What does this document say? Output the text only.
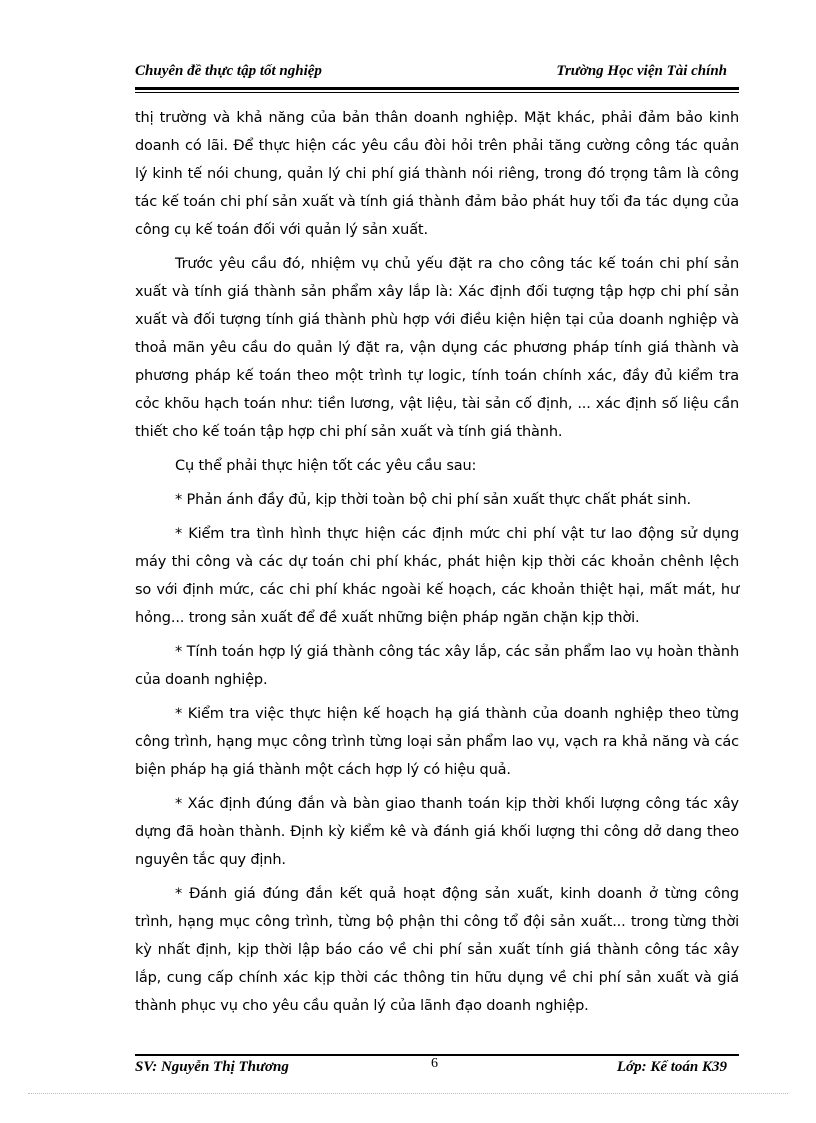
Chuyên đề thực tập tốt nghiệp	Trường Học viện Tài chính

thị trường và khả năng của bản thân doanh nghiệp. Mặt khác, phải đảm bảo kinh doanh có lãi. Để thực hiện các yêu cầu đòi hỏi trên phải tăng cường công tác quản lý kinh tế nói chung, quản lý chi phí giá thành nói riêng, trong đó trọng tâm là công tác kế toán chi phí sản xuất và tính giá thành đảm bảo phát huy tối đa tác dụng của công cụ kế toán đối với quản lý sản xuất.

Trước yêu cầu đó, nhiệm vụ chủ yếu đặt ra cho công tác kế toán chi phí sản xuất và tính giá thành sản phẩm xây lắp là: Xác định đối tượng tập hợp chi phí sản xuất và đối tượng tính giá thành phù hợp với điều kiện hiện tại của doanh nghiệp và thoả mãn yêu cầu do quản lý đặt ra, vận dụng các phương pháp tính giá thành và phương pháp kế toán theo một trình tự logic, tính toán chính xác, đầy đủ kiểm tra cỏc khõu hạch toán như: tiền lương, vật liệu, tài sản cố định, ... xác định số liệu cần thiết cho kế toán tập hợp chi phí sản xuất và tính giá thành.

Cụ thể phải thực hiện tốt các yêu cầu sau:

* Phản ánh đầy đủ, kịp thời toàn bộ chi phí sản xuất thực chất phát sinh.

* Kiểm tra tình hình thực hiện các định mức chi phí vật tư lao động sử dụng máy thi công và các dự toán chi phí khác, phát hiện kịp thời các khoản chênh lệch so với định mức, các chi phí khác ngoài kế hoạch, các khoản thiệt hại, mất mát, hư hỏng... trong sản xuất để đề xuất những biện pháp ngăn chặn kịp thời.

* Tính toán hợp lý giá thành công tác xây lắp, các sản phẩm lao vụ hoàn thành của doanh nghiệp.

* Kiểm tra việc thực hiện kế hoạch hạ giá thành của doanh nghiệp theo từng công trình, hạng mục công trình từng loại sản phẩm lao vụ, vạch ra khả năng và các biện pháp hạ giá thành một cách hợp lý có hiệu quả.

* Xác định đúng đắn và bàn giao thanh toán kịp thời khối lượng công tác xây dựng đã hoàn thành. Định kỳ kiểm kê và đánh giá khối lượng thi công dở dang theo nguyên tắc quy định.

* Đánh giá đúng đắn kết quả hoạt động sản xuất, kinh doanh ở từng công trình, hạng mục công trình, từng bộ phận thi công tổ đội sản xuất... trong từng thời kỳ nhất định, kịp thời lập báo cáo về chi phí sản xuất tính giá thành công tác xây lắp, cung cấp chính xác kịp thời các thông tin hữu dụng về chi phí sản xuất và giá thành phục vụ cho yêu cầu quản lý của lãnh đạo doanh nghiệp.

SV: Nguyễn Thị Thương	6	Lớp: Kế toán K39
